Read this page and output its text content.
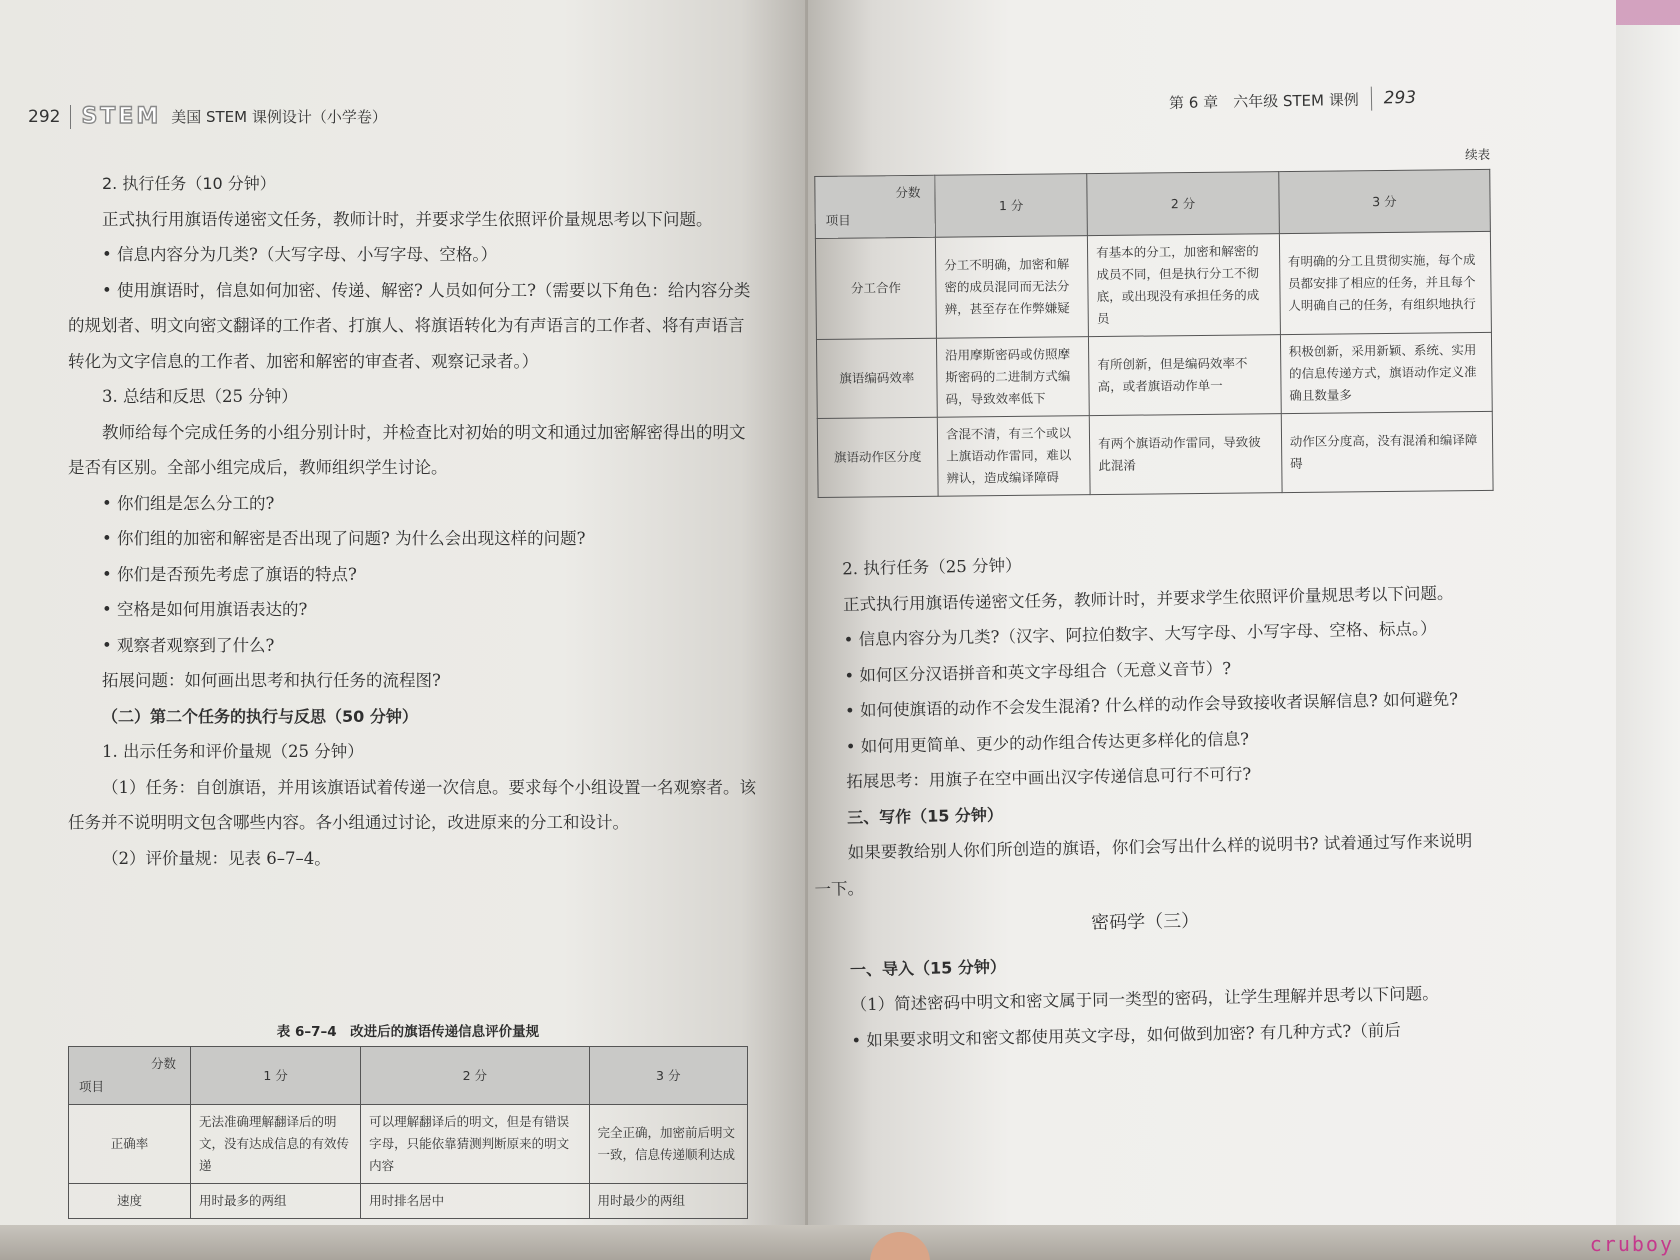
292 STEM 美国 STEM 课例设计（小学卷）

2. 执行任务（10 分钟）

正式执行用旗语传递密文任务，教师计时，并要求学生依照评价量规思考以下问题。

• 信息内容分为几类?（大写字母、小写字母、空格。）

• 使用旗语时，信息如何加密、传递、解密? 人员如何分工?（需要以下角色：给内容分类的规划者、明文向密文翻译的工作者、打旗人、将旗语转化为有声语言的工作者、将有声语言转化为文字信息的工作者、加密和解密的审查者、观察记录者。）

3. 总结和反思（25 分钟）

教师给每个完成任务的小组分别计时，并检查比对初始的明文和通过加密解密得出的明文是否有区别。全部小组完成后，教师组织学生讨论。

• 你们组是怎么分工的?

• 你们组的加密和解密是否出现了问题? 为什么会出现这样的问题?

• 你们是否预先考虑了旗语的特点?

• 空格是如何用旗语表达的?

• 观察者观察到了什么?

拓展问题：如何画出思考和执行任务的流程图?

（二）第二个任务的执行与反思（50 分钟）

1. 出示任务和评价量规（25 分钟）

（1）任务：自创旗语，并用该旗语试着传递一次信息。要求每个小组设置一名观察者。该任务并不说明明文包含哪些内容。各小组通过讨论，改进原来的分工和设计。

（2）评价量规：见表 6–7–4。

表 6–7–4　改进后的旗语传递信息评价量规
分数
项目	1 分	2 分	3 分
正确率	无法准确理解翻译后的明文，没有达成信息的有效传递	可以理解翻译后的明文，但是有错误字母，只能依靠猜测判断原来的明文内容	完全正确，加密前后明文一致，信息传递顺利达成
速度	用时最多的两组	用时排名居中	用时最少的两组
第 6 章　六年级 STEM 课例 293
续表
分数
项目	1 分	2 分	3 分
分工合作	分工不明确，加密和解密的成员混同而无法分辨，甚至存在作弊嫌疑	有基本的分工，加密和解密的成员不同，但是执行分工不彻底，或出现没有承担任务的成员	有明确的分工且贯彻实施，每个成员都安排了相应的任务，并且每个人明确自己的任务，有组织地执行
旗语编码效率	沿用摩斯密码或仿照摩斯密码的二进制方式编码，导致效率低下	有所创新，但是编码效率不高，或者旗语动作单一	积极创新，采用新颖、系统、实用的信息传递方式，旗语动作定义准确且数量多
旗语动作区分度	含混不清，有三个或以上旗语动作雷同，难以辨认，造成编译障碍	有两个旗语动作雷同，导致彼此混淆	动作区分度高，没有混淆和编译障碍

2. 执行任务（25 分钟）

正式执行用旗语传递密文任务，教师计时，并要求学生依照评价量规思考以下问题。

• 信息内容分为几类?（汉字、阿拉伯数字、大写字母、小写字母、空格、标点。）

• 如何区分汉语拼音和英文字母组合（无意义音节）?

• 如何使旗语的动作不会发生混淆? 什么样的动作会导致接收者误解信息? 如何避免?

• 如何用更简单、更少的动作组合传达更多样化的信息?

拓展思考：用旗子在空中画出汉字传递信息可行不可行?

三、写作（15 分钟）

如果要教给别人你们所创造的旗语，你们会写出什么样的说明书? 试着通过写作来说明一下。

密码学（三）

一、导入（15 分钟）

（1）简述密码中明文和密文属于同一类型的密码，让学生理解并思考以下问题。

• 如果要求明文和密文都使用英文字母，如何做到加密? 有几种方式?（前后

cruboy
